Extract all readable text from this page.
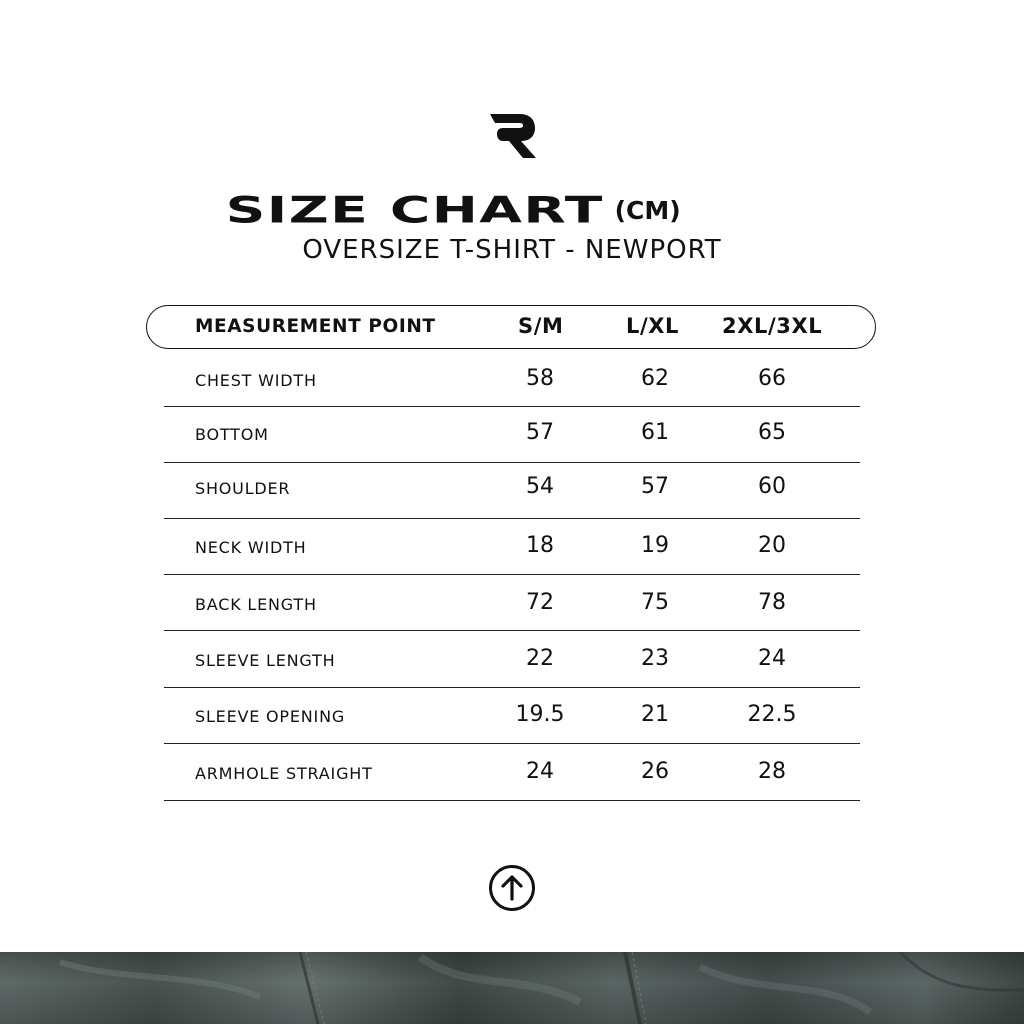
SIZE CHART (CM)
OVERSIZE T-SHIRT - NEWPORT
MEASUREMENT POINT	S/M	L/XL 2XL/3XL
CHEST WIDTH	58	62	66
BOTTOM	57	61	65
SHOULDER	54	57	60
NECK WIDTH	18	19	20
BACK LENGTH	72	75	78
SLEEVE LENGTH	22	23	24
SLEEVE OPENING	19.5	21	22.5
ARMHOLE STRAIGHT	24	26	28
